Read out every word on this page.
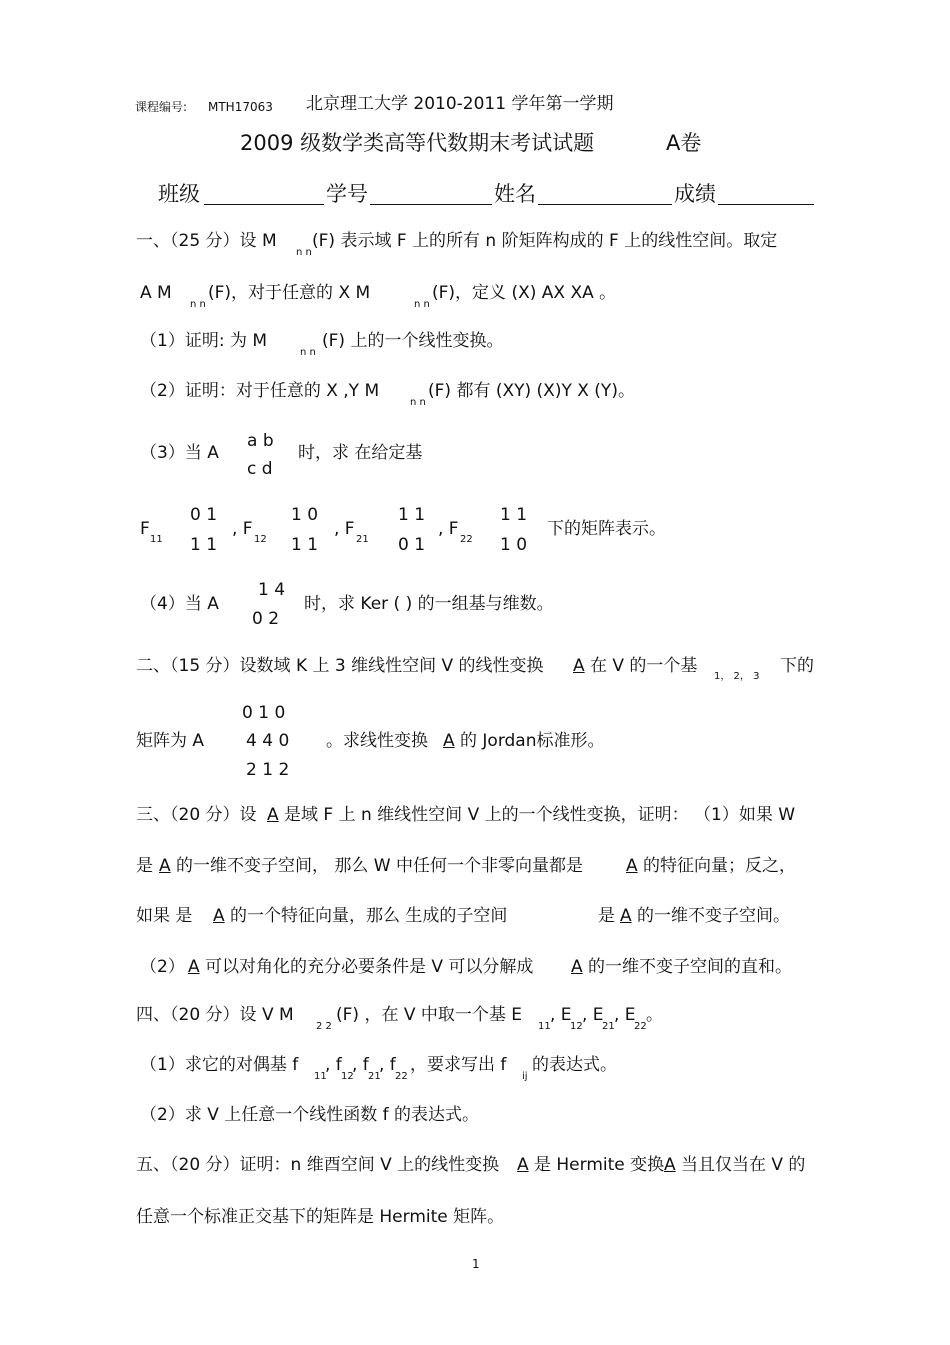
课程编号: MTH17063 北京理工大学 2010-2011 学年第一学期
2009 级数学类高等代数期末考试试题	A卷
班级	学号	姓名	成绩
一、（25 分）设 M
n n
(F) 表示域 F 上的所有 n 阶矩阵构成的 F 上的线性空间。取定
A M
n n
(F)，对于任意的 X M
n n
(F)，定义 (X) AX XA 。
（1）证明: 为 M
n n
(F) 上的一个线性变换。
（2）证明：对于任意的 X ,Y M
n n
(F) 都有 (XY) (X)Y X (Y)。
（3）当 A
a b
c d
时，求 在给定基
F
11
0 1
1 1
, F
12
1 0
1 1
, F
21
1 1
0 1
, F
22
1 1
1 0
下的矩阵表示。
（4）当 A
1 4
0 2
时，求 Ker ( ) 的一组基与维数。
二、（15 分）设数域 K 上 3 维线性空间 V 的线性变换 A 在 V 的一个基
1， 2， 3
下的
矩阵为 A
0 1 0
4 4 0
2 1 2
。求线性变换 A 的 Jordan标准形。
三、（20 分）设 A 是域 F 上 n 维线性空间 V 上的一个线性变换，证明： （1）如果 W
是 A 的一维不变子空间， 那么 W 中任何一个非零向量都是	A 的特征向量；反之，
如果 是 A 的一个特征向量，那么 生成的子空间	是 A 的一维不变子空间。
（2） A 可以对角化的充分必要条件是 V 可以分解成 A 的一维不变子空间的直和。
四、（20 分）设 V M
2 2
(F) ，在 V 中取一个基 E
11
, E
12
, E
21
, E
22
。
（1）求它的对偶基 f
11
, f
12
, f
21
, f
22
，要求写出 f
ij
的表达式。
（2）求 V 上任意一个线性函数 f 的表达式。
五、（20 分）证明：n 维酉空间 V 上的线性变换 A 是 Hermite 变换 A 当且仅当在 V 的
任意一个标准正交基下的矩阵是 Hermite 矩阵。
1
